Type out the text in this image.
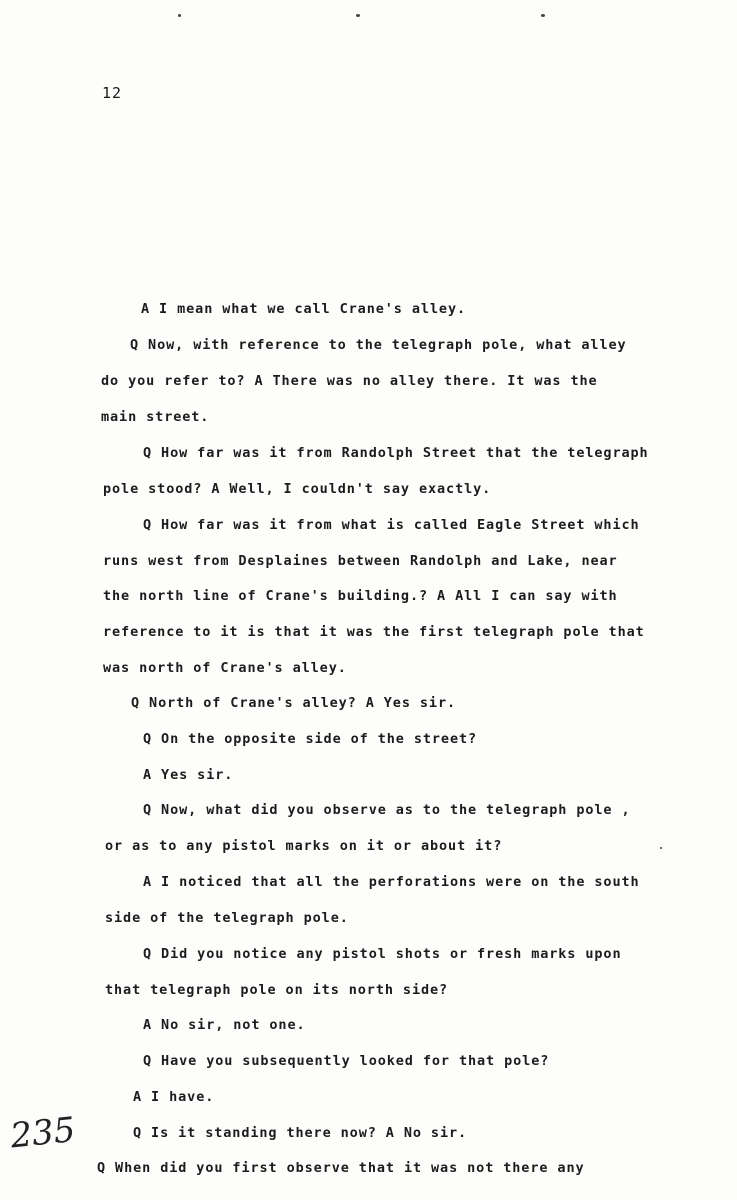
12
A I mean what we call Crane's alley.
Q Now, with reference to the telegraph pole, what alley
do you refer to? A There was no alley there. It was the
main street.
Q How far was it from Randolph Street that the telegraph
pole stood? A Well, I couldn't say exactly.
Q How far was it from what is called Eagle Street which
runs west from Desplaines between Randolph and Lake, near
the north line of Crane's building.? A All I can say with
reference to it is that it was the first telegraph pole that
was north of Crane's alley.
Q North of Crane's alley? A Yes sir.
Q On the opposite side of the street?
A Yes sir.
Q Now, what did you observe as to the telegraph pole ,
or as to any pistol marks on it or about it?
A I noticed that all the perforations were on the south
side of the telegraph pole.
Q Did you notice any pistol shots or fresh marks upon
that telegraph pole on its north side?
A No sir, not one.
Q Have you subsequently looked for that pole?
A I have.
Q Is it standing there now? A No sir.
Q When did you first observe that it was not there any
235
